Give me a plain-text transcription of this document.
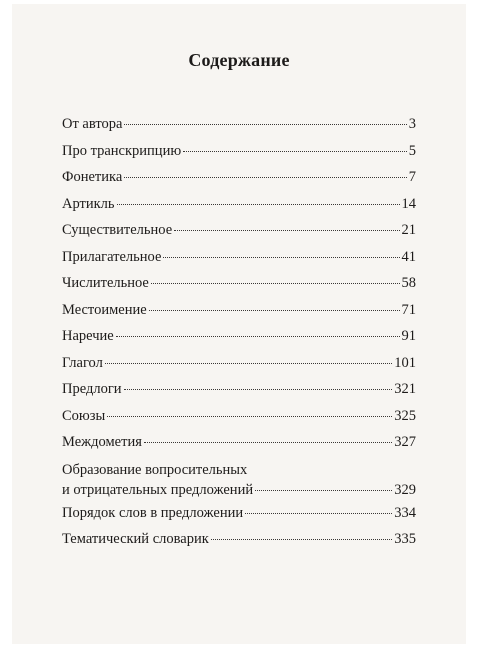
Содержание
От автора	3
Про транскрипцию	5
Фонетика	7
Артикль	14
Существительное	21
Прилагательное	41
Числительное	58
Местоимение	71
Наречие	91
Глагол	101
Предлоги	321
Союзы	325
Междометия	327
Образование вопросительных
и отрицательных предложений	329
Порядок слов в предложении	334
Тематический словарик	335
